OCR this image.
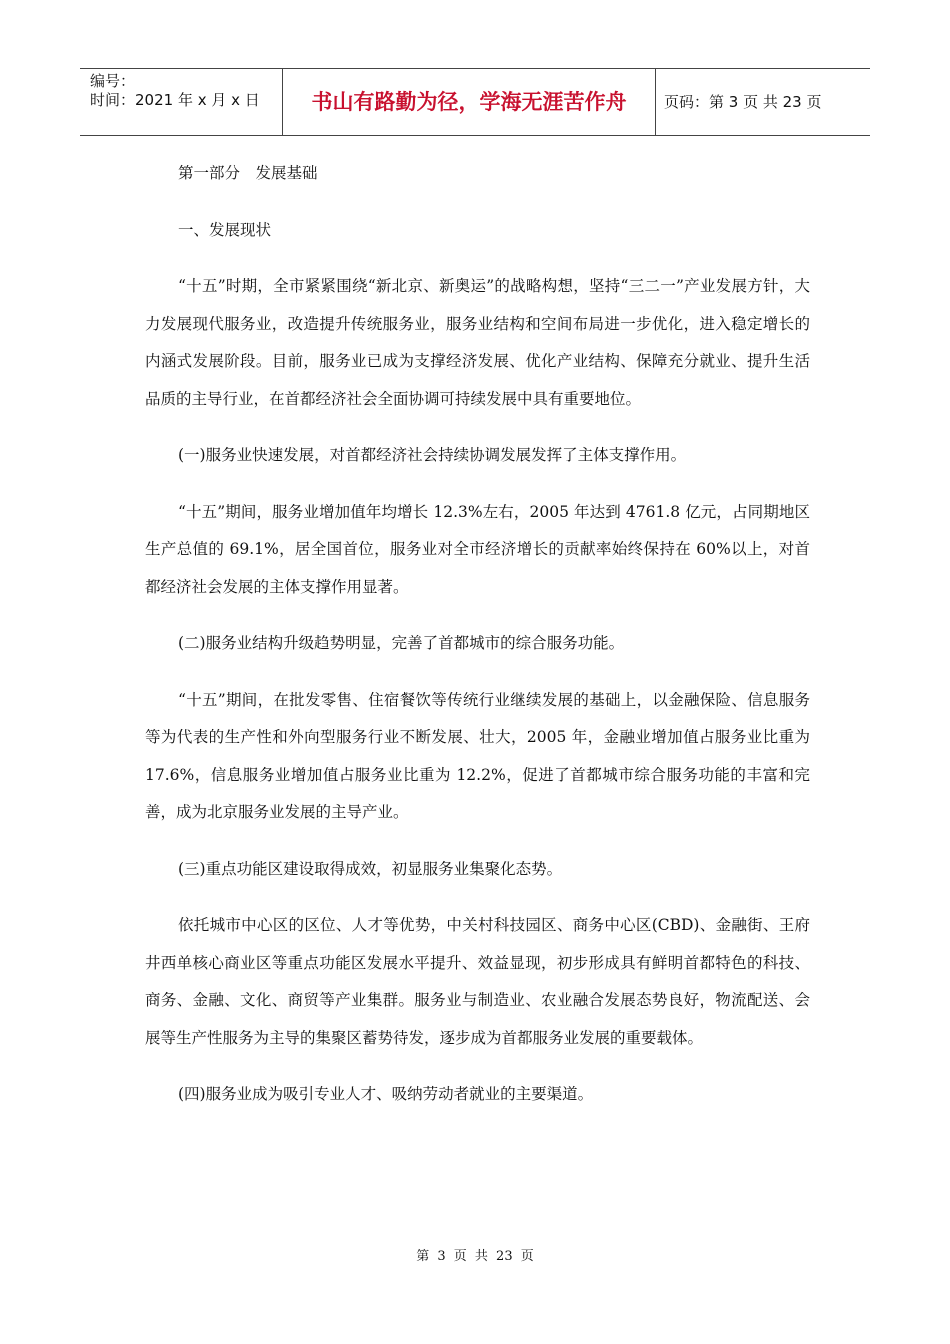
编号：
时间：2021 年 x 月 x 日	书山有路勤为径，学海无涯苦作舟	页码：第 3 页 共 23 页

第一部分　发展基础

一、发展现状

“十五”时期，全市紧紧围绕“新北京、新奥运”的战略构想，坚持“三二一”产业发展方针，大力发展现代服务业，改造提升传统服务业，服务业结构和空间布局进一步优化，进入稳定增长的内涵式发展阶段。目前，服务业已成为支撑经济发展、优化产业结构、保障充分就业、提升生活品质的主导行业，在首都经济社会全面协调可持续发展中具有重要地位。

(一)服务业快速发展，对首都经济社会持续协调发展发挥了主体支撑作用。

“十五”期间，服务业增加值年均增长 12.3%左右，2005 年达到 4761.8 亿元，占同期地区生产总值的 69.1%，居全国首位，服务业对全市经济增长的贡献率始终保持在 60%以上，对首都经济社会发展的主体支撑作用显著。

(二)服务业结构升级趋势明显，完善了首都城市的综合服务功能。

“十五”期间，在批发零售、住宿餐饮等传统行业继续发展的基础上，以金融保险、信息服务等为代表的生产性和外向型服务行业不断发展、壮大，2005 年，金融业增加值占服务业比重为 17.6%，信息服务业增加值占服务业比重为 12.2%，促进了首都城市综合服务功能的丰富和完善，成为北京服务业发展的主导产业。

(三)重点功能区建设取得成效，初显服务业集聚化态势。

依托城市中心区的区位、人才等优势，中关村科技园区、商务中心区(CBD)、金融街、王府井西单核心商业区等重点功能区发展水平提升、效益显现，初步形成具有鲜明首都特色的科技、商务、金融、文化、商贸等产业集群。服务业与制造业、农业融合发展态势良好，物流配送、会展等生产性服务为主导的集聚区蓄势待发，逐步成为首都服务业发展的重要载体。

(四)服务业成为吸引专业人才、吸纳劳动者就业的主要渠道。

第 3 页 共 23 页
